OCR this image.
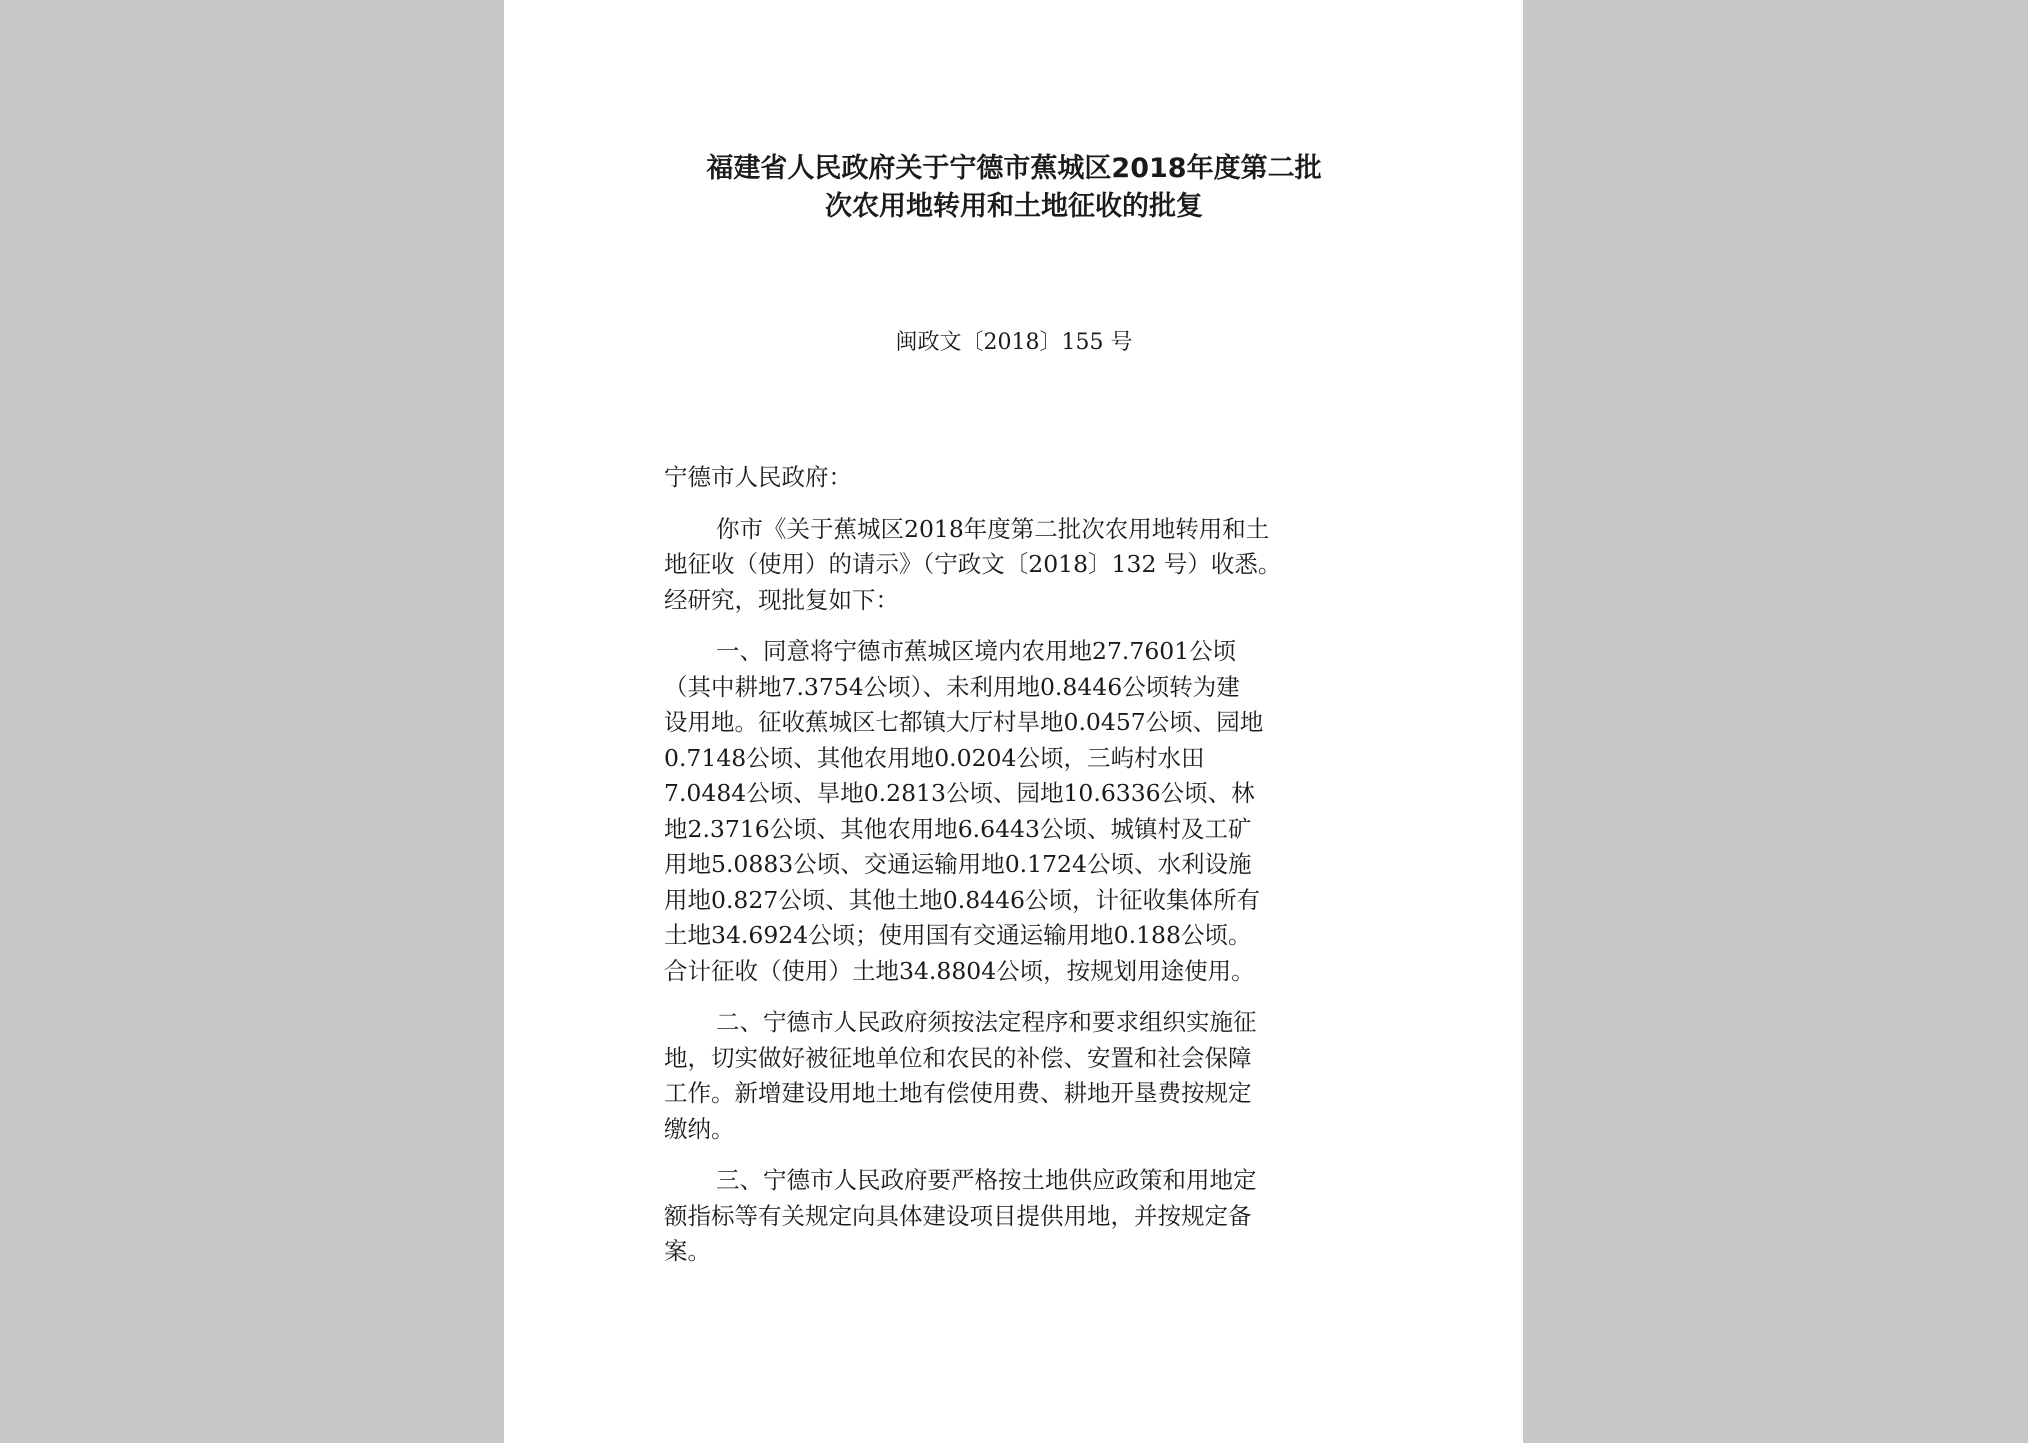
福建省人民政府关于宁德市蕉城区2018年度第二批
次农用地转用和土地征收的批复
闽政文〔2018〕155 号

宁德市人民政府：

你市《关于蕉城区2018年度第二批次农用地转用和土
地征收（使用）的请示》（宁政文〔2018〕132 号）收悉。
经研究，现批复如下：

一、同意将宁德市蕉城区境内农用地27.7601公顷
（其中耕地7.3754公顷）、未利用地0.8446公顷转为建
设用地。征收蕉城区七都镇大厅村旱地0.0457公顷、园地
0.7148公顷、其他农用地0.0204公顷，三屿村水田
7.0484公顷、旱地0.2813公顷、园地10.6336公顷、林
地2.3716公顷、其他农用地6.6443公顷、城镇村及工矿
用地5.0883公顷、交通运输用地0.1724公顷、水利设施
用地0.827公顷、其他土地0.8446公顷，计征收集体所有
土地34.6924公顷；使用国有交通运输用地0.188公顷。
合计征收（使用）土地34.8804公顷，按规划用途使用。

二、宁德市人民政府须按法定程序和要求组织实施征
地，切实做好被征地单位和农民的补偿、安置和社会保障
工作。新增建设用地土地有偿使用费、耕地开垦费按规定
缴纳。

三、宁德市人民政府要严格按土地供应政策和用地定
额指标等有关规定向具体建设项目提供用地，并按规定备
案。
